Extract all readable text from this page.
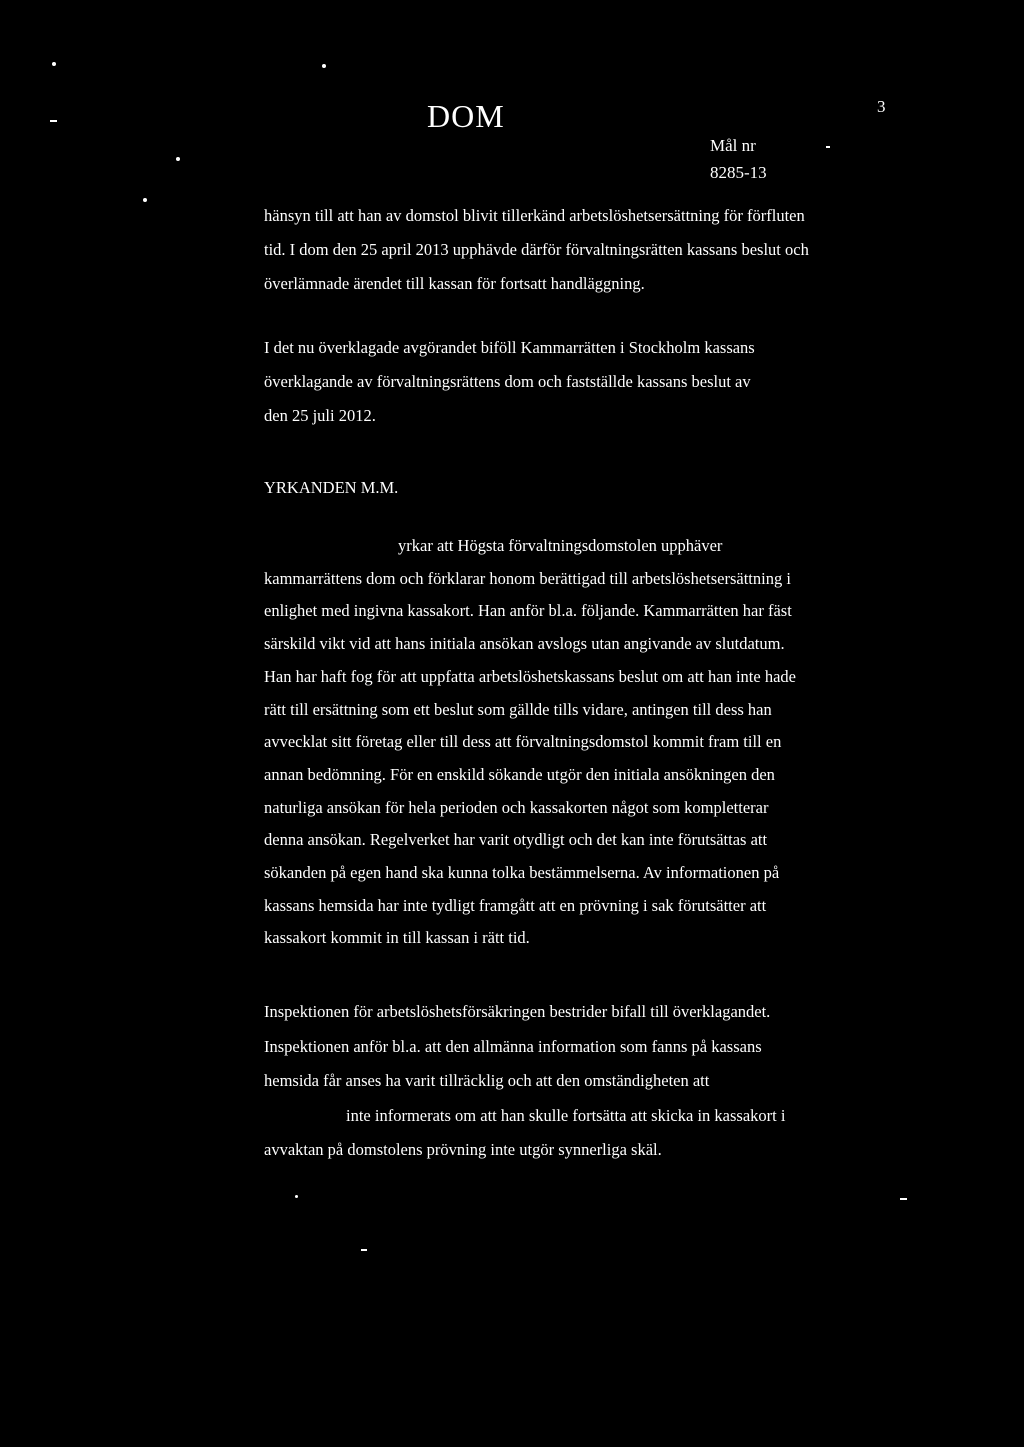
DOM	3
Mål nr
8285-13
hänsyn till att han av domstol blivit tillerkänd arbetslöshetsersättning för förfluten
tid. I dom den 25 april 2013 upphävde därför förvaltningsrätten kassans beslut och
överlämnade ärendet till kassan för fortsatt handläggning.
I det nu överklagade avgörandet biföll Kammarrätten i Stockholm kassans
överklagande av förvaltningsrättens dom och fastställde kassans beslut av
den 25 juli 2012.
YRKANDEN M.M.
yrkar att Högsta förvaltningsdomstolen upphäver
kammarrättens dom och förklarar honom berättigad till arbetslöshetsersättning i
enlighet med ingivna kassakort. Han anför bl.a. följande. Kammarrätten har fäst
särskild vikt vid att hans initiala ansökan avslogs utan angivande av slutdatum.
Han har haft fog för att uppfatta arbetslöshetskassans beslut om att han inte hade
rätt till ersättning som ett beslut som gällde tills vidare, antingen till dess han
avvecklat sitt företag eller till dess att förvaltningsdomstol kommit fram till en
annan bedömning. För en enskild sökande utgör den initiala ansökningen den
naturliga ansökan för hela perioden och kassakorten något som kompletterar
denna ansökan. Regelverket har varit otydligt och det kan inte förutsättas att
sökanden på egen hand ska kunna tolka bestämmelserna. Av informationen på
kassans hemsida har inte tydligt framgått att en prövning i sak förutsätter att
kassakort kommit in till kassan i rätt tid.
Inspektionen för arbetslöshetsförsäkringen bestrider bifall till överklagandet.
Inspektionen anför bl.a. att den allmänna information som fanns på kassans
hemsida får anses ha varit tillräcklig och att den omständigheten att
inte informerats om att han skulle fortsätta att skicka in kassakort i
avvaktan på domstolens prövning inte utgör synnerliga skäl.
